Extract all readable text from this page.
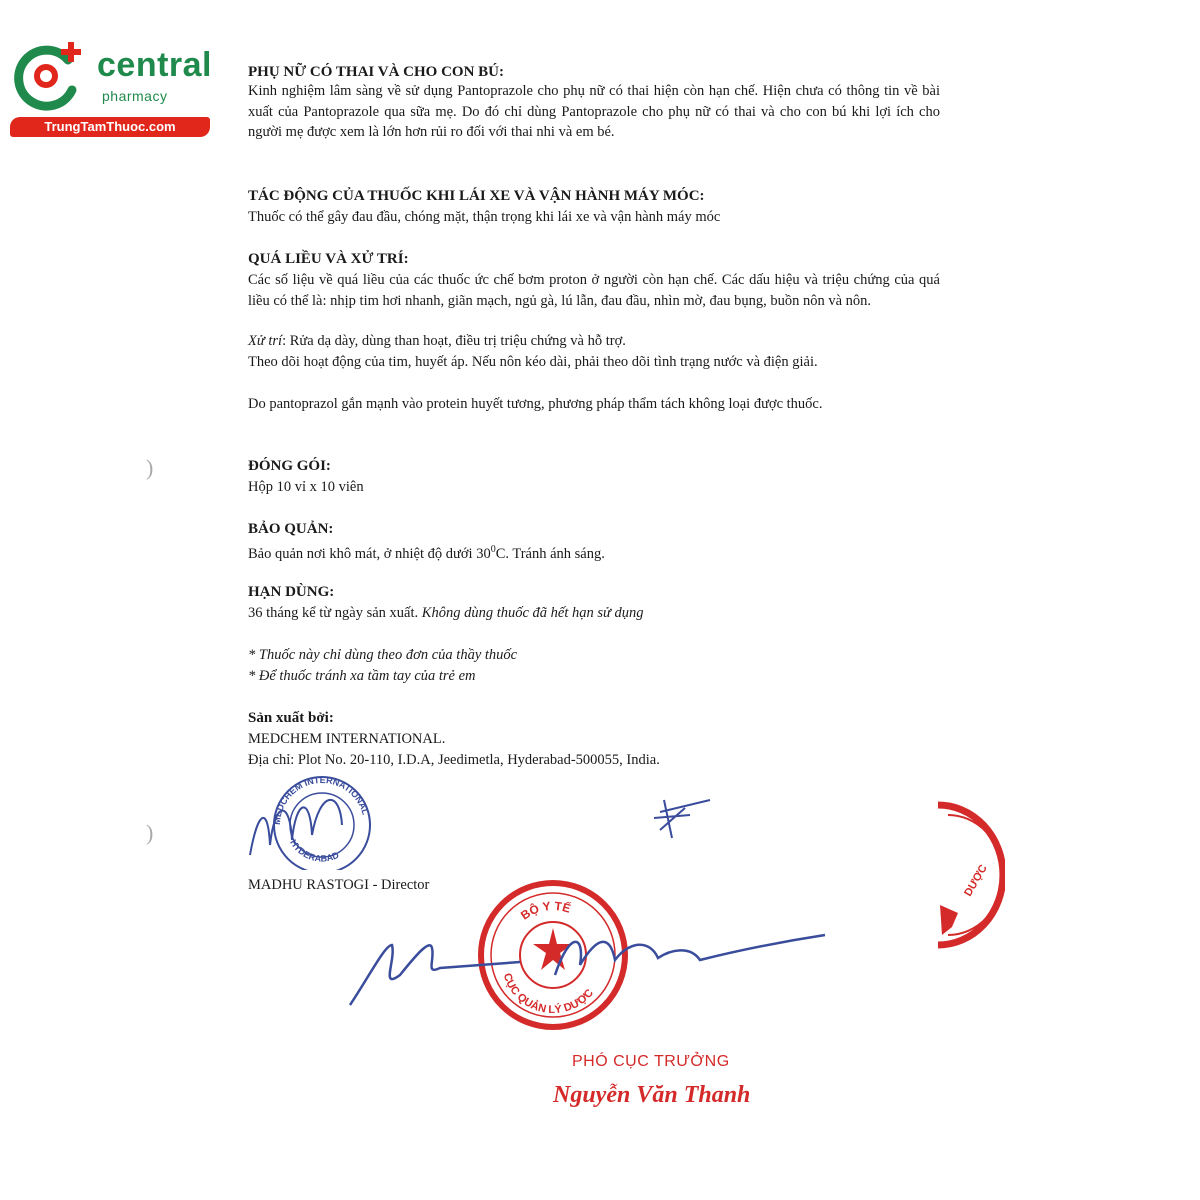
central
pharmacy
TrungTamThuoc.com
)
)
PHỤ NỮ CÓ THAI VÀ CHO CON BÚ:
Kinh nghiệm lâm sàng về sử dụng Pantoprazole cho phụ nữ có thai hiện còn hạn chế. Hiện chưa có thông tin về bài xuất của Pantoprazole qua sữa mẹ. Do đó chỉ dùng Pantoprazole cho phụ nữ có thai và cho con bú khi lợi ích cho người mẹ được xem là lớn hơn rủi ro đối với thai nhi và em bé.
TÁC ĐỘNG CỦA THUỐC KHI LÁI XE VÀ VẬN HÀNH MÁY MÓC:
Thuốc có thể gây đau đầu, chóng mặt, thận trọng khi lái xe và vận hành máy móc
QUÁ LIỀU VÀ XỬ TRÍ:
Các số liệu về quá liều của các thuốc ức chế bơm proton ở người còn hạn chế. Các dấu hiệu và triệu chứng của quá liều có thể là: nhịp tim hơi nhanh, giãn mạch, ngủ gà, lú lẫn, đau đầu, nhìn mờ, đau bụng, buồn nôn và nôn.
Xử trí: Rửa dạ dày, dùng than hoạt, điều trị triệu chứng và hỗ trợ.
Theo dõi hoạt động của tim, huyết áp. Nếu nôn kéo dài, phải theo dõi tình trạng nước và điện giải.
Do pantoprazol gắn mạnh vào protein huyết tương, phương pháp thẩm tách không loại được thuốc.
ĐÓNG GÓI:
Hộp 10 vỉ x 10 viên
BẢO QUẢN:
Bảo quản nơi khô mát, ở nhiệt độ dưới $30^0C$. Tránh ánh sáng.
HẠN DÙNG:
36 tháng kể từ ngày sản xuất. Không dùng thuốc đã hết hạn sử dụng
* Thuốc này chỉ dùng theo đơn của thầy thuốc
* Để thuốc tránh xa tầm tay của trẻ em
Sản xuất bởi:
MEDCHEM INTERNATIONAL.
Địa chỉ: Plot No. 20-110, I.D.A, Jeedimetla, Hyderabad-500055, India.
MADHU RASTOGI - Director
MEDCHEM INTERNATIONAL
HYDERABAD
BỘ Y TẾ
CỤC QUẢN LÝ DƯỢC
DƯỢC
PHÓ CỤC TRƯỞNG
Nguyễn Văn Thanh
